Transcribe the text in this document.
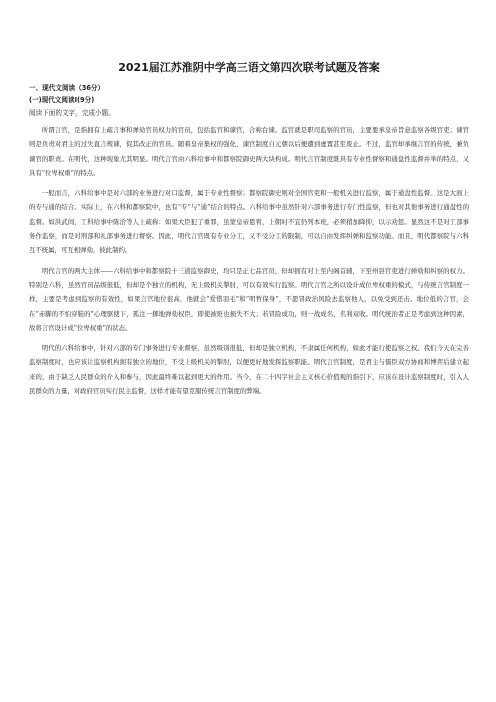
2021届江苏淮阴中学高三语文第四次联考试题及答案
一、现代文阅读（36分）
(一)现代文阅读Ⅰ(9分)
阅读下面的文字，完成小题。

所谓言官，是指拥有上疏言事和弹劾官员权力的官员，包括监官和谏官，合称台谏。监官就是职司监察的官员，主要要承皇帝旨意监察各级官吏；谏官则是负责对君主的过失直言规谏，促其改正的官员。随着皇帝集权的强化，谏官制度自元朝以后便遭到虚置甚至废止。不过，监官却承继言官的传统，兼负谏官的职责。在明代，这种现象尤其明显。明代言官由六科给事中和都察院御史两大块构成。明代言官制度既具有专业性督察和通盘性监督并举的特点，又具有“位卑权重”的特点。

一般而言，六科给事中是对六部的业务进行对口监督，属于专业性督察；都察院御史则对全国官吏和一般机关进行监察，属于通盘性监督。这是大面上的专与通的结合。实际上，在六科和都察院中，也有“专”与“通”结合的特点。六科给事中虽然针对六部事务进行专门性监察，但也对其他事务进行通盘性的监督。如洪武间，工科给事中陈洽等人上疏称：如果大臣犯了重罪，虽蒙皇帝恩宥，上朝时不宜仍列本班，必须稍加降抑，以示劝惩。显然这不是对工部事务作监察，而是对刑部和礼部事务进行督察。因此，明代言官既有专业分工，又不受分工的限制，可以自由发挥纠弹和监察功能。而且，明代都察院与六科互不统属，可互相弹劾，彼此制约。

明代言官的两大主体——六科给事中和都察院十三道监察御史，均只是正七品官员，但却拥有对上至内阁首辅，下至州县官吏进行弹劾和纠察的权力。特别是六科，虽然官员品级很低，但却是个独立的机构，无上级机关掣肘，可以有效实行监察。明代言官之所以设计成位卑权重的模式，与传统言官制度一样，主要是考虑到监察的有效性，如果言官地位很高，他就会“爱惜羽毛”和“明哲保身”，不愿冒政治风险去监察他人，以免受到还击。地位低的言官，会在“赤脚的不怕穿鞋的”心理驱使下，孤注一掷地弹劾权臣，即使被贬也损失不大；若冒险成功，则一战成名，名利双收。明代统治者正是考虑到这种因素，故将言官设计成“位卑权重”的状态。

明代的六科给事中，针对六部的专门事务进行专业督察，虽然级别很低，但却是独立机构，不隶属任何机构，如此才能行使监察之权。我们今天在完善监察制度时，也应该让监察机构拥有独立的地位，不受上级机关的掣肘，以便更好地发挥监察职能。明代言官制度，是君主与儒臣双方协商和博弈后建立起来的，由于缺乏人民群众的介入和参与，因此最终难以起到更大的作用。当今，在二十四字社会主义核心价值观的指引下，应该在设计监察制度时，引入人民群众的力量，对政府官员实行民主监督，这样才能有望克服传统言官制度的弊端。
